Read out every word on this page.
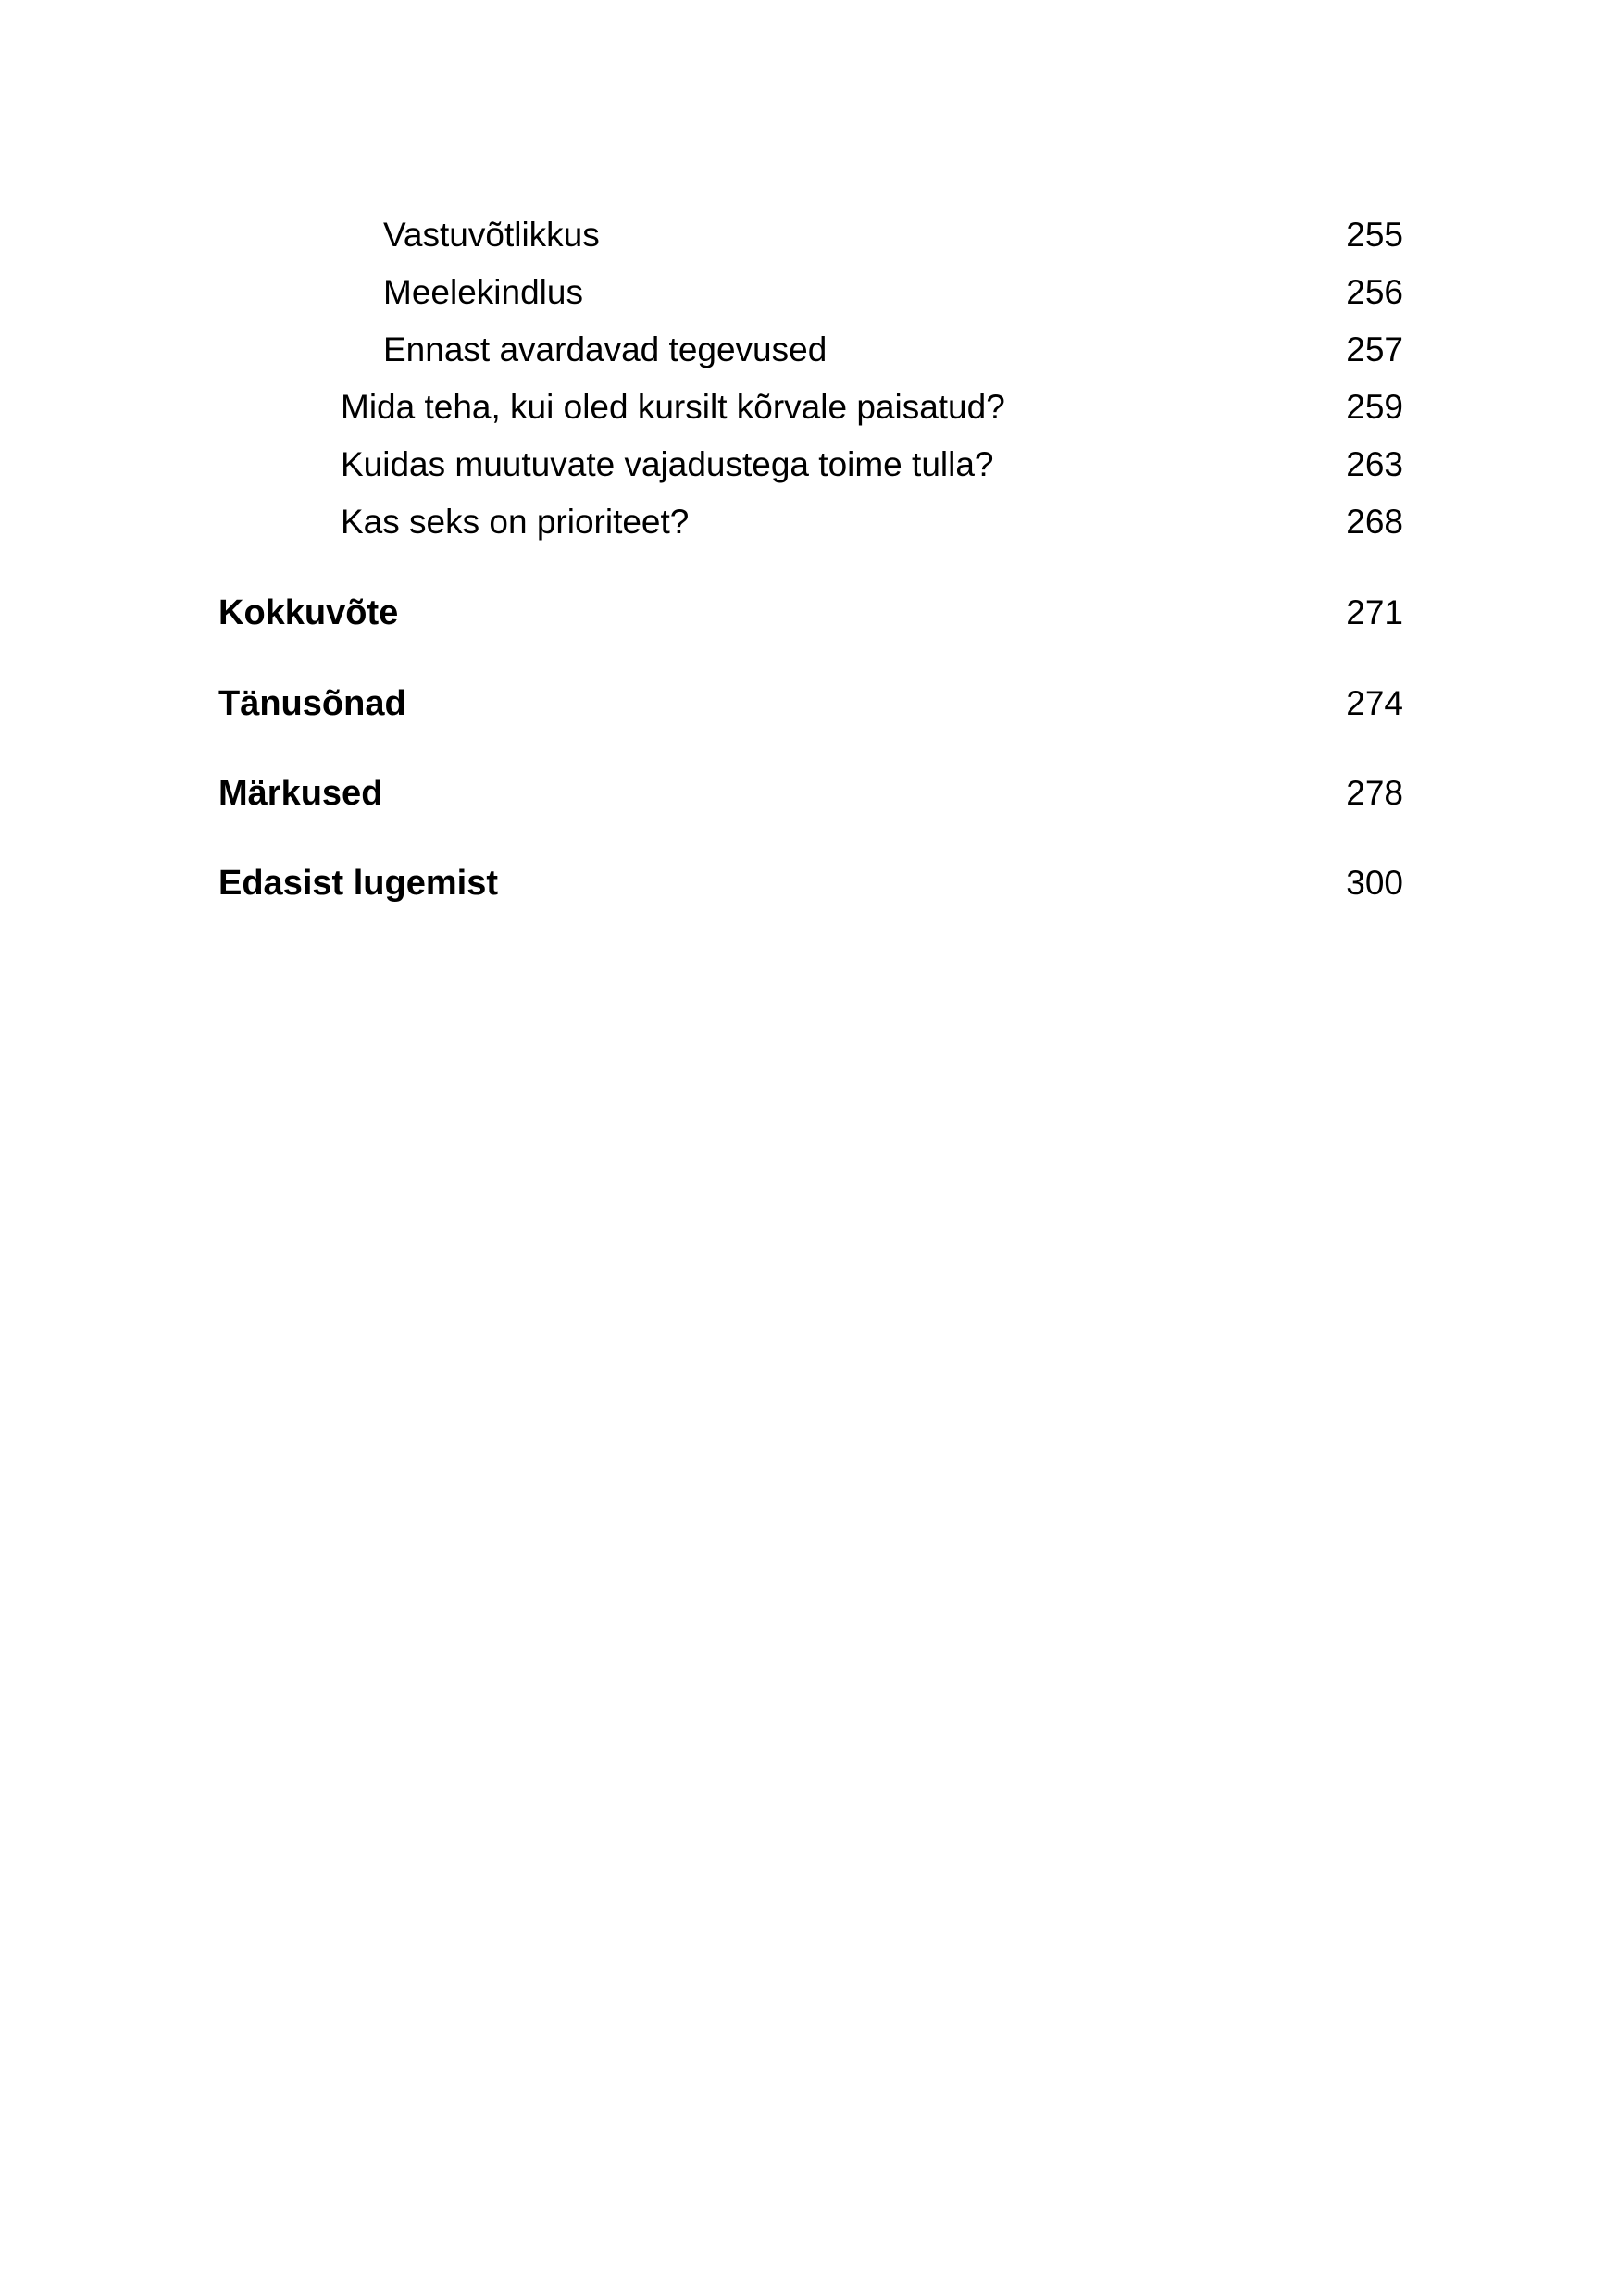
Vastuvõtlikkus	255
Meelekindlus	256
Ennast avardavad tegevused	257
Mida teha, kui oled kursilt kõrvale paisatud?	259
Kuidas muutuvate vajadustega toime tulla?	263
Kas seks on prioriteet?	268
Kokkuvõte	271
Tänusõnad	274
Märkused	278
Edasist lugemist	300
